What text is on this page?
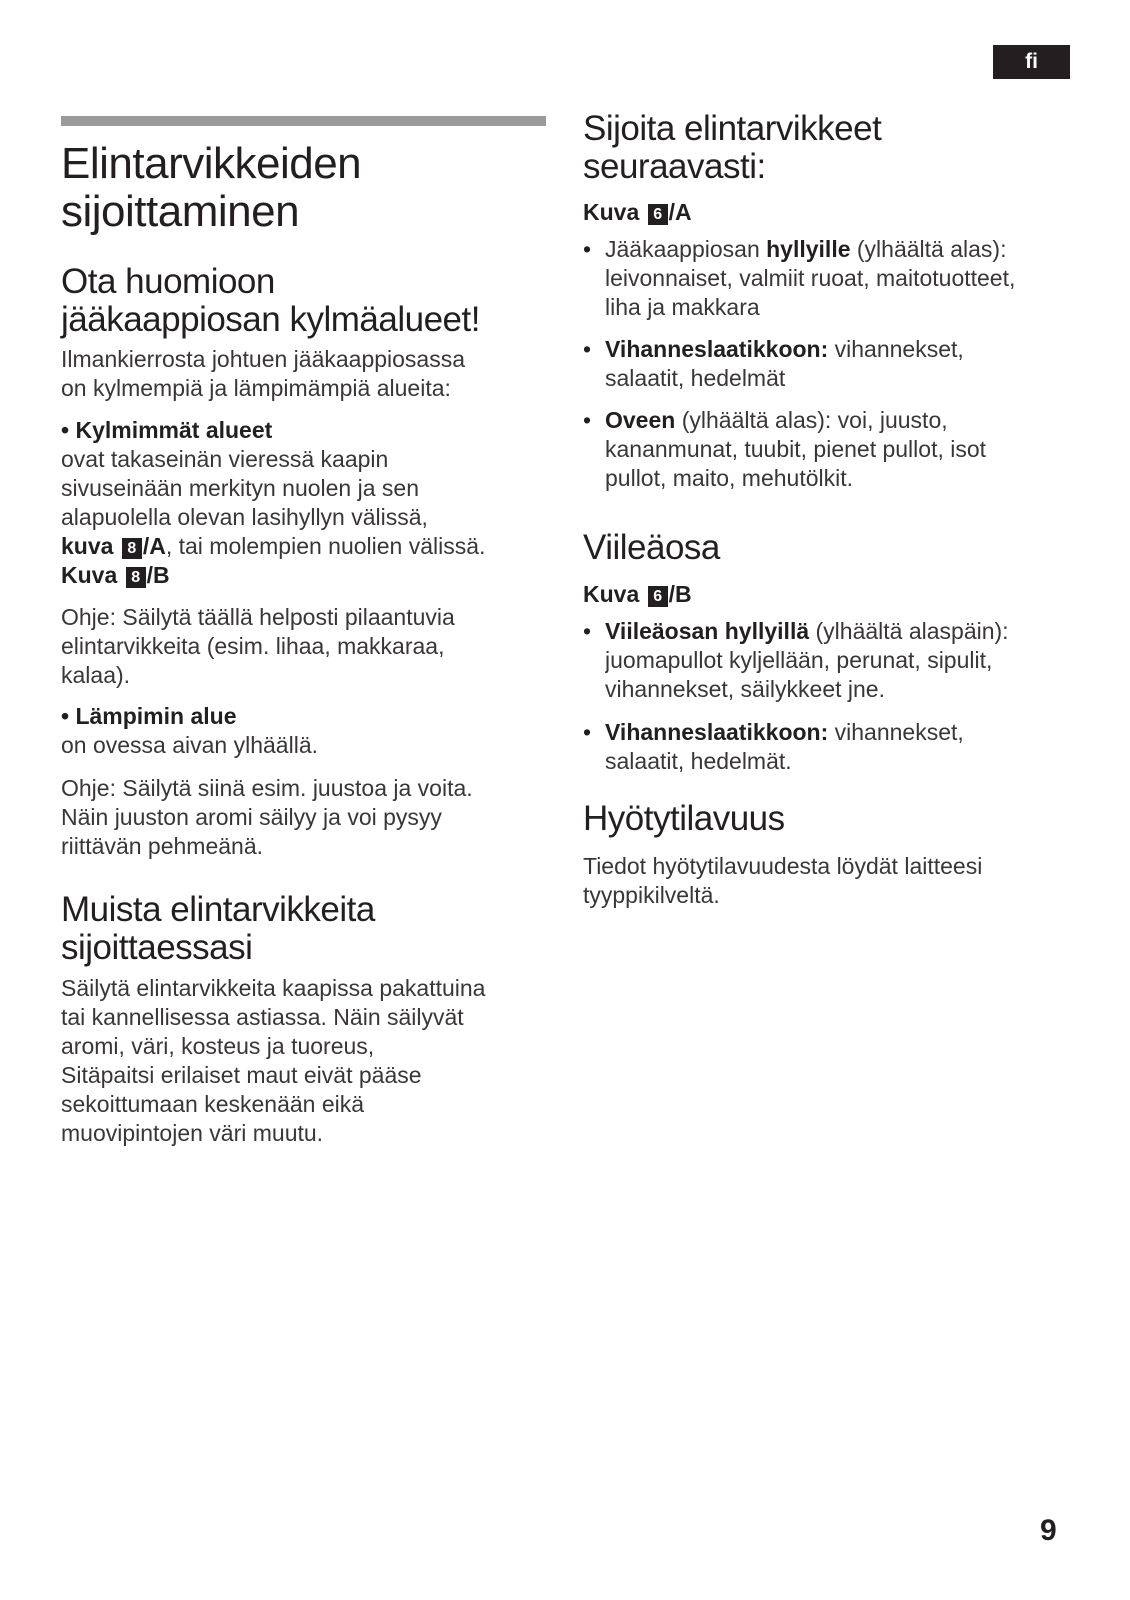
fi
Elintarvikkeiden
sijoittaminen
Ota huomioon
jääkaappiosan kylmäalueet!
Ilmankierrosta johtuen jääkaappiosassa
on kylmempiä ja lämpimämpiä alueita:
• Kylmimmät alueet
ovat takaseinän vieressä kaapin
sivuseinään merkityn nuolen ja sen
alapuolella olevan lasihyllyn välissä,
kuva 8 /A, tai molempien nuolien välissä.
Kuva 8 /B
Ohje: Säilytä täällä helposti pilaantuvia
elintarvikkeita (esim. lihaa, makkaraa,
kalaa).
• Lämpimin alue
on ovessa aivan ylhäällä.
Ohje: Säilytä siinä esim. juustoa ja voita.
Näin juuston aromi säilyy ja voi pysyy
riittävän pehmeänä.
Muista elintarvikkeita
sijoittaessasi
Säilytä elintarvikkeita kaapissa pakattuina
tai kannellisessa astiassa. Näin säilyvät
aromi, väri, kosteus ja tuoreus,
Sitäpaitsi erilaiset maut eivät pääse
sekoittumaan keskenään eikä
muovipintojen väri muutu.
Sijoita elintarvikkeet
seuraavasti:
Kuva 6 /A
• Jääkaappiosan hyllyille (ylhäältä alas):

• leivonnaiset, valmiit ruoat, maitotuotteet,

• liha ja makkara
• Vihanneslaatikkoon: vihannekset,

• salaatit, hedelmät
• Oveen (ylhäältä alas): voi, juusto,

• kananmunat, tuubit, pienet pullot, isot

• pullot, maito, mehutölkit.
Viileäosa
Kuva 6 /B
• Viileäosan hyllyillä (ylhäältä alaspäin):

• juomapullot kyljellään, perunat, sipulit,

• vihannekset, säilykkeet jne.
• Vihanneslaatikkoon: vihannekset,

• salaatit, hedelmät.
Hyötytilavuus
Tiedot hyötytilavuudesta löydät laitteesi
tyyppikilveltä.
9
